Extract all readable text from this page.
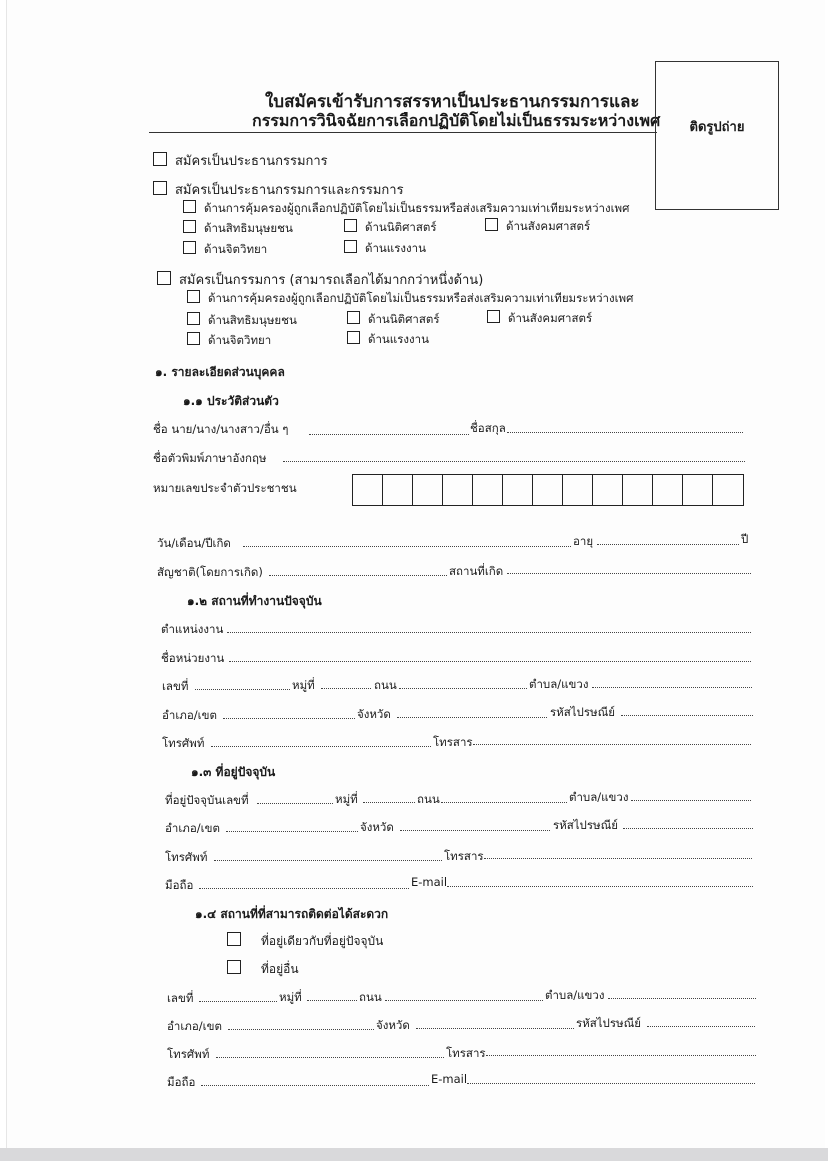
ใบสมัครเข้ารับการสรรหาเป็นประธานกรรมการและ
กรรมการวินิจฉัยการเลือกปฏิบัติโดยไม่เป็นธรรมระหว่างเพศ	ติดรูปถ่าย
สมัครเป็นประธานกรรมการ
สมัครเป็นประธานกรรมการและกรรมการ
ด้านการคุ้มครองผู้ถูกเลือกปฏิบัติโดยไม่เป็นธรรมหรือส่งเสริมความเท่าเทียมระหว่างเพศ
ด้านสิทธิมนุษยชน	ด้านนิติศาสตร์	ด้านสังคมศาสตร์
ด้านจิตวิทยา	ด้านแรงงาน
สมัครเป็นกรรมการ (สามารถเลือกได้มากกว่าหนึ่งด้าน)
ด้านการคุ้มครองผู้ถูกเลือกปฏิบัติโดยไม่เป็นธรรมหรือส่งเสริมความเท่าเทียมระหว่างเพศ
ด้านสิทธิมนุษยชน	ด้านนิติศาสตร์	ด้านสังคมศาสตร์
ด้านจิตวิทยา	ด้านแรงงาน
๑. รายละเอียดส่วนบุคคล
๑.๑ ประวัติส่วนตัว
ชื่อ นาย/นาง/นางสาว/อื่น ๆ	ชื่อสกุล
ชื่อตัวพิมพ์ภาษาอังกฤษ
หมายเลขประจำตัวประชาชน
วัน/เดือน/ปีเกิด	อายุ	ปี
สัญชาติ(โดยการเกิด)	สถานที่เกิด
๑.๒ สถานที่ทำงานปัจจุบัน
ตำแหน่งงาน
ชื่อหน่วยงาน
เลขที่	หมู่ที่	ถนน	ตำบล/แขวง
อำเภอ/เขต	จังหวัด	รหัสไปรษณีย์
โทรศัพท์	โทรสาร
๑.๓ ที่อยู่ปัจจุบัน
ที่อยู่ปัจจุบันเลขที่	หมู่ที่	ถนน	ตำบล/แขวง
อำเภอ/เขต	จังหวัด	รหัสไปรษณีย์
โทรศัพท์	โทรสาร
มือถือ	E-mail
๑.๔ สถานที่ที่สามารถติดต่อได้สะดวก
ที่อยู่เดียวกับที่อยู่ปัจจุบัน
ที่อยู่อื่น
เลขที่	หมู่ที่	ถนน	ตำบล/แขวง
อำเภอ/เขต	จังหวัด	รหัสไปรษณีย์
โทรศัพท์	โทรสาร
มือถือ	E-mail
